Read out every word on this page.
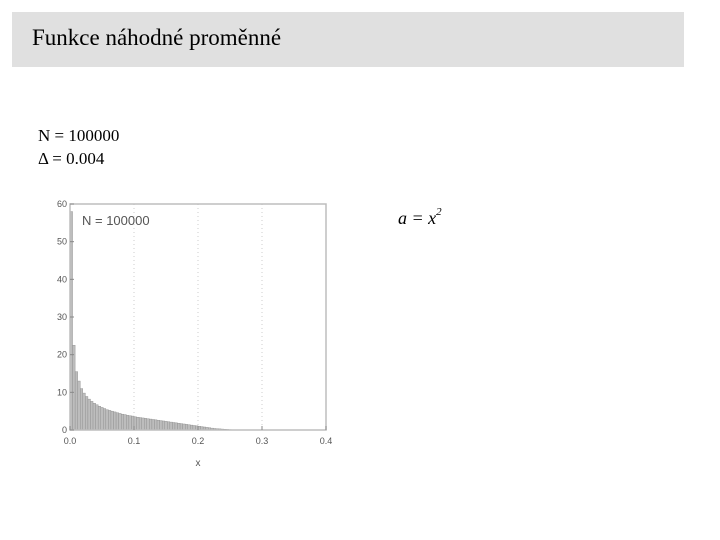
Funkce náhodné proměnné
N = 100000
Δ = 0.004
$a = x^2$
0.0	0.1	0.2	0.3	0.4
0
10
20
30
40
50
60
N = 100000
x
